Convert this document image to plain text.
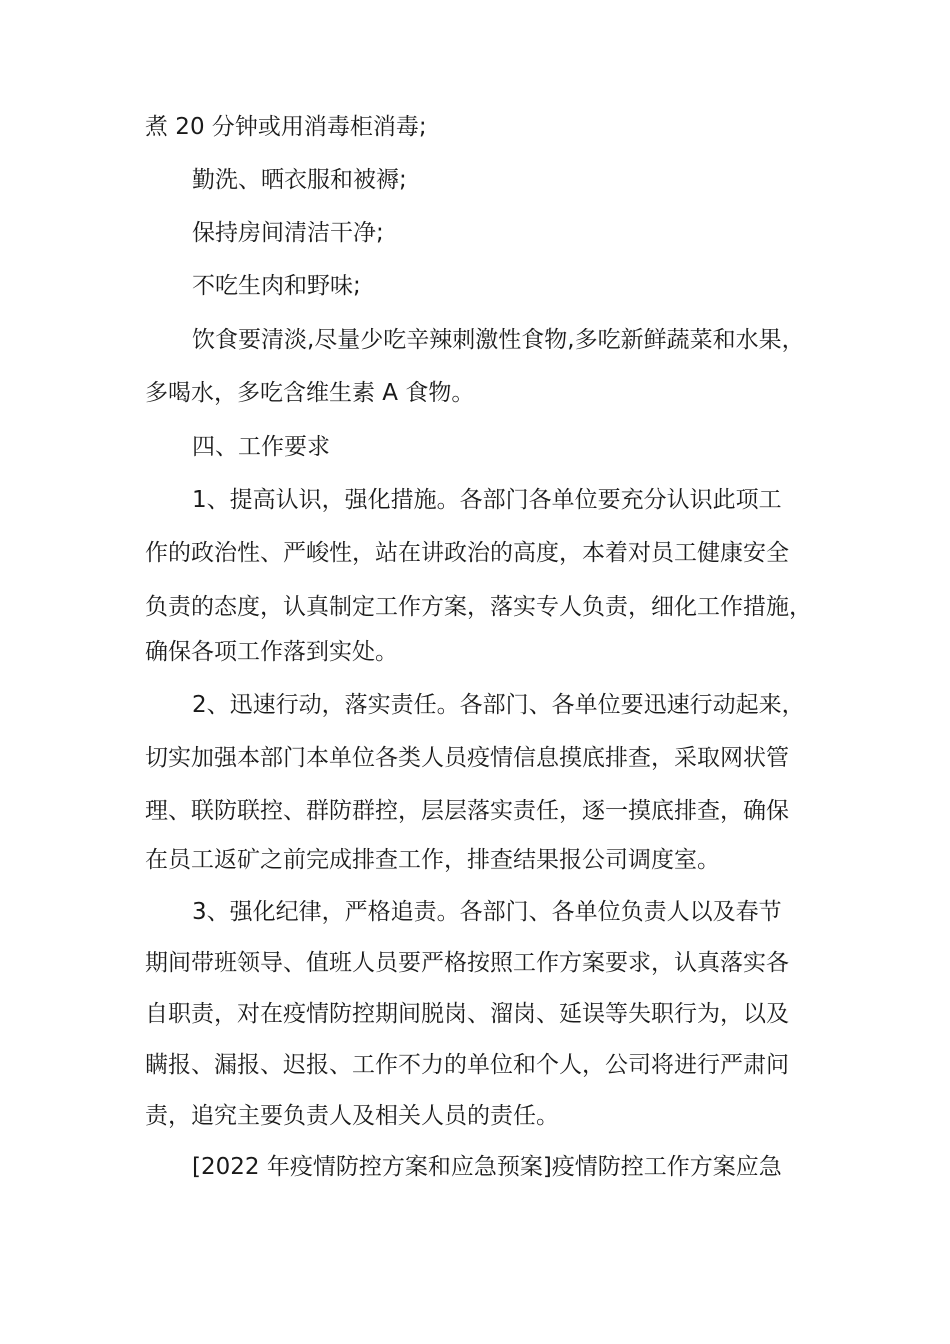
煮 20 分钟或用消毒柜消毒;
勤洗、晒衣服和被褥;
保持房间清洁干净;
不吃生肉和野味;
饮食要清淡,尽量少吃辛辣刺激性食物,多吃新鲜蔬菜和水果，
多喝水，多吃含维生素 A 食物。
四、工作要求
1、提高认识，强化措施。各部门各单位要充分认识此项工
作的政治性、严峻性，站在讲政治的高度，本着对员工健康安全
负责的态度，认真制定工作方案，落实专人负责，细化工作措施，
确保各项工作落到实处。
2、迅速行动，落实责任。各部门、各单位要迅速行动起来，
切实加强本部门本单位各类人员疫情信息摸底排查，采取网状管
理、联防联控、群防群控，层层落实责任，逐一摸底排查，确保
在员工返矿之前完成排查工作，排查结果报公司调度室。
3、强化纪律，严格追责。各部门、各单位负责人以及春节
期间带班领导、值班人员要严格按照工作方案要求，认真落实各
自职责，对在疫情防控期间脱岗、溜岗、延误等失职行为，以及
瞒报、漏报、迟报、工作不力的单位和个人，公司将进行严肃问
责，追究主要负责人及相关人员的责任。
[2022 年疫情防控方案和应急预案]疫情防控工作方案应急
